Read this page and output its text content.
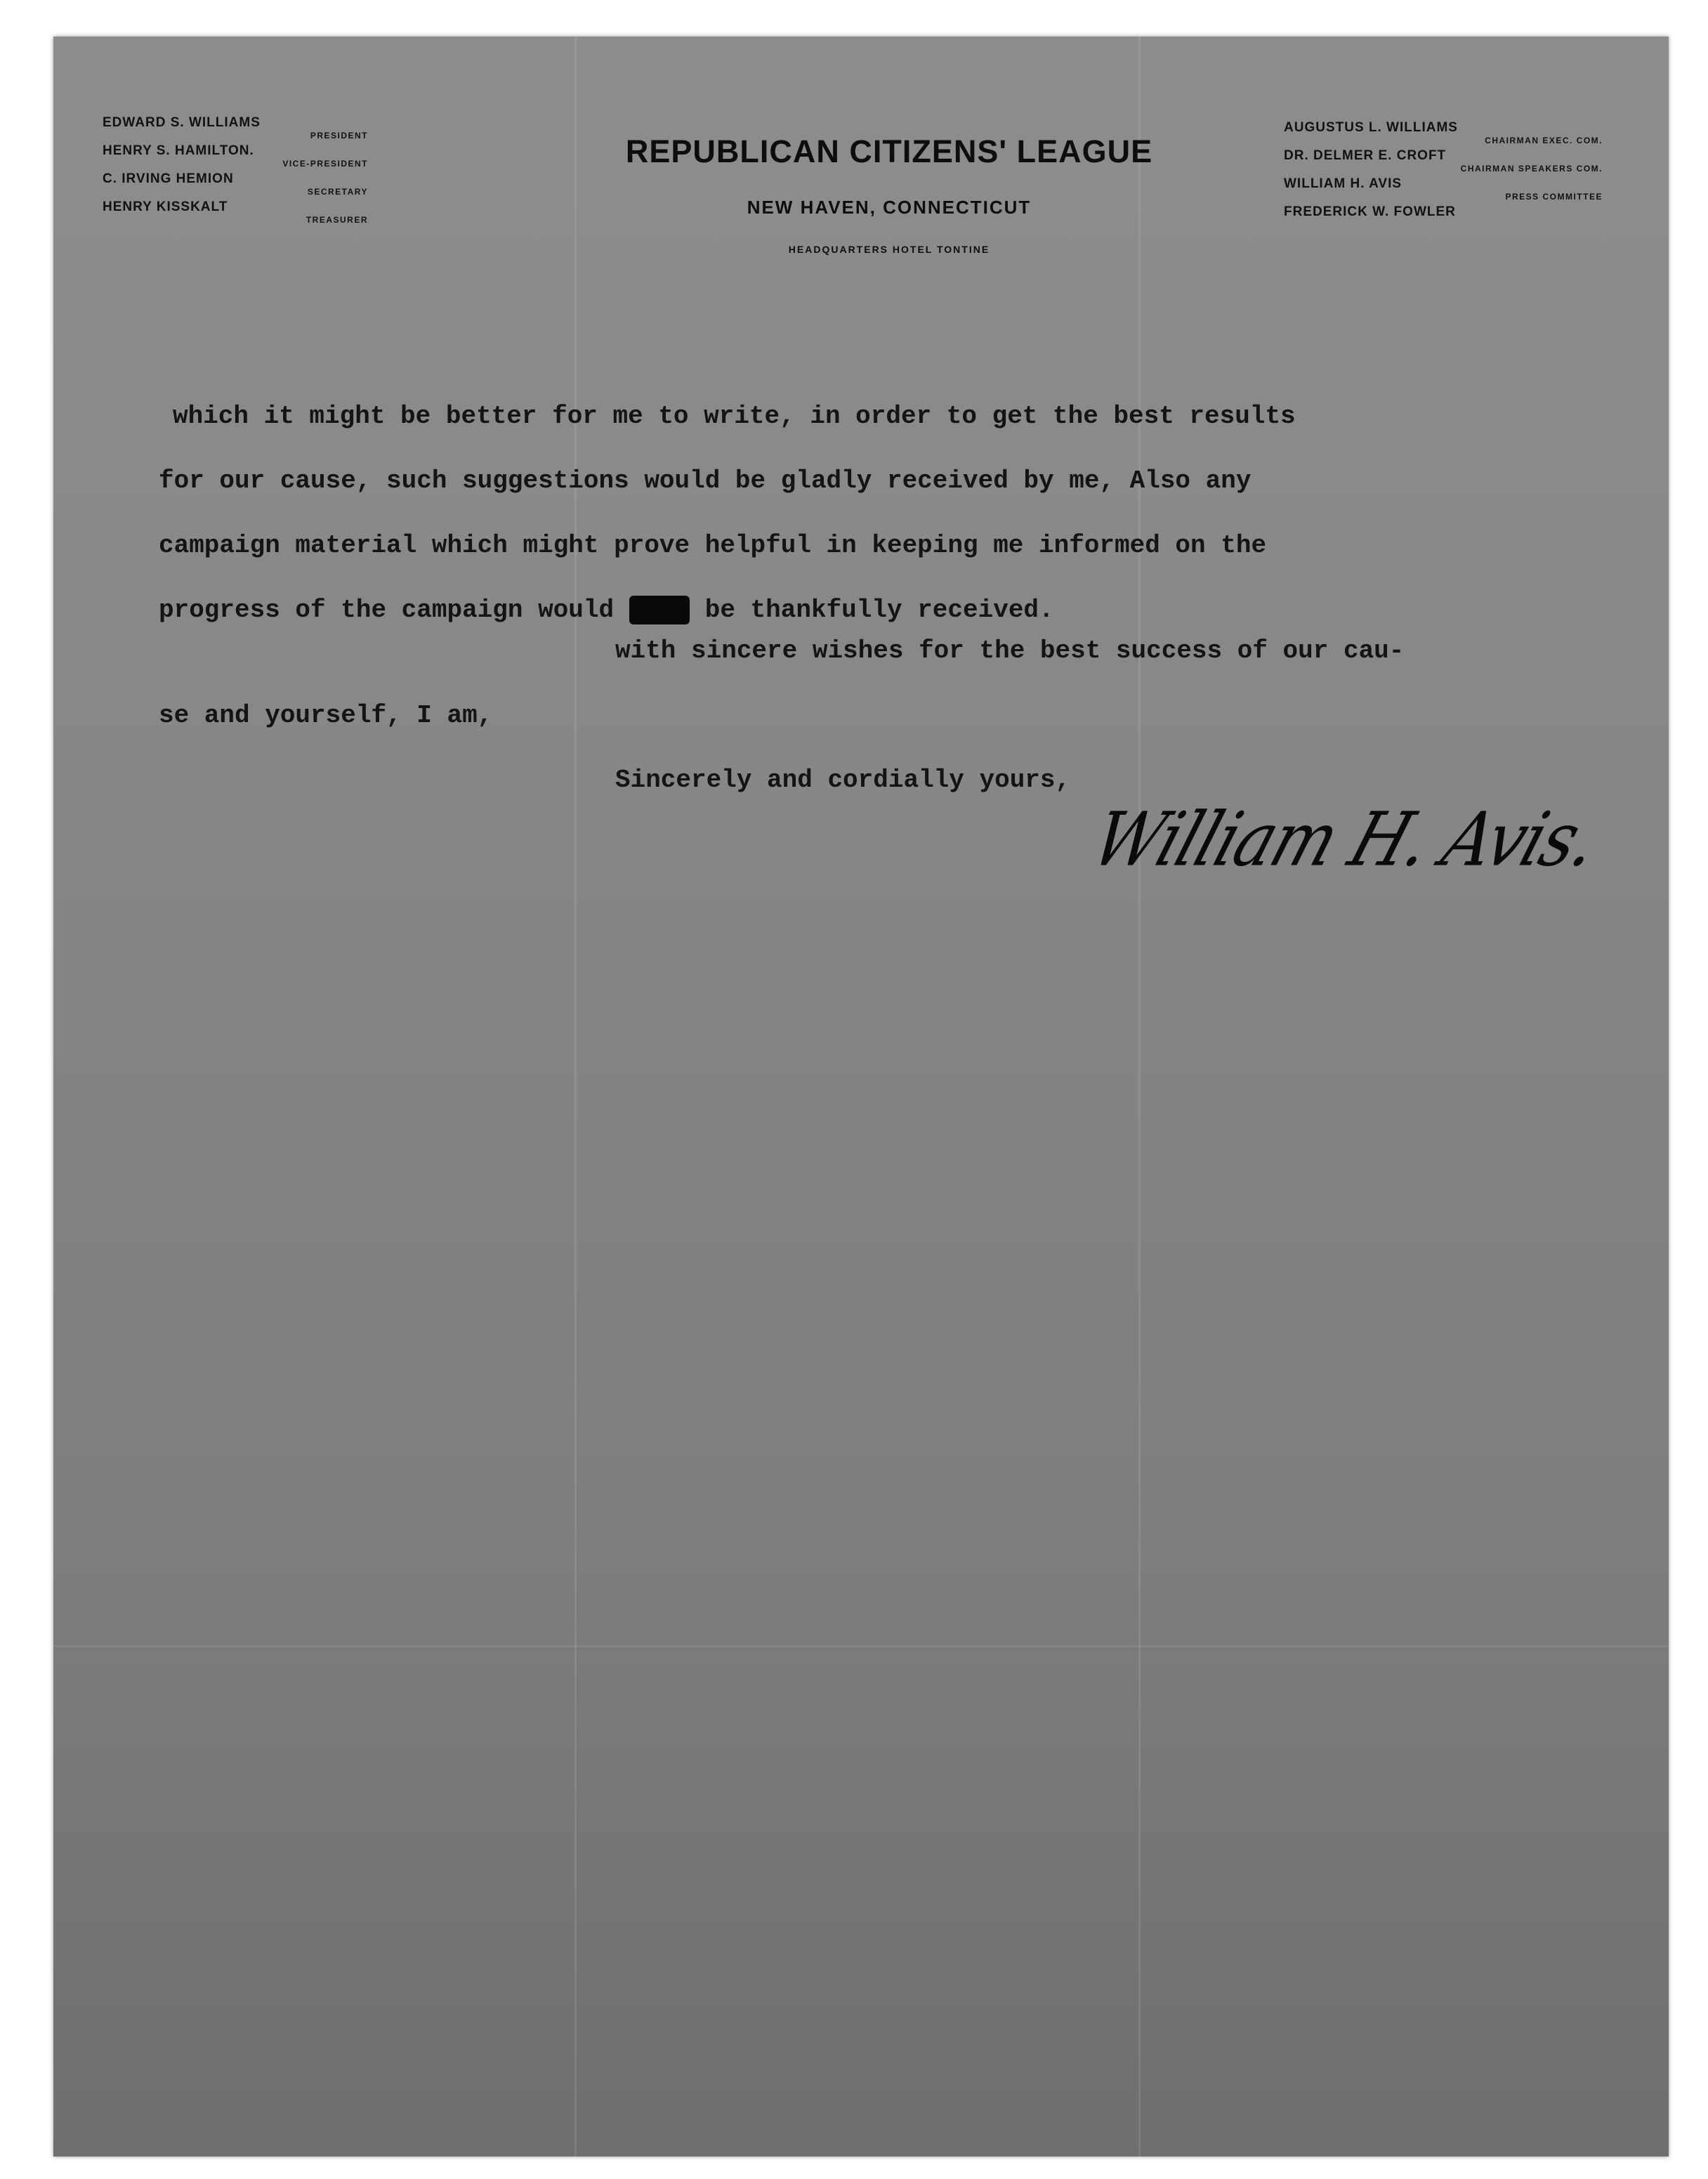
EDWARD S. WILLIAMS
PRESIDENT
HENRY S. HAMILTON.
VICE-PRESIDENT
C. IRVING HEMION
SECRETARY
HENRY KISSKALT
TREASURER
REPUBLICAN CITIZENS' LEAGUE
NEW HAVEN, CONNECTICUT
HEADQUARTERS HOTEL TONTINE
AUGUSTUS L. WILLIAMS
CHAIRMAN EXEC. COM.
DR. DELMER E. CROFT
CHAIRMAN SPEAKERS COM.
WILLIAM H. AVIS
PRESS COMMITTEE
FREDERICK W. FOWLER
which it might be better for me to write, in order to get the best results
for our cause, such suggestions would be gladly received by me, Also any
campaign material which might prove helpful in keeping me informed on the
progress of the campaign would  be thankfully received.
with sincere wishes for the best success of our cau-
se and yourself, I am,
Sincerely and cordially yours,
William H. Avis.
